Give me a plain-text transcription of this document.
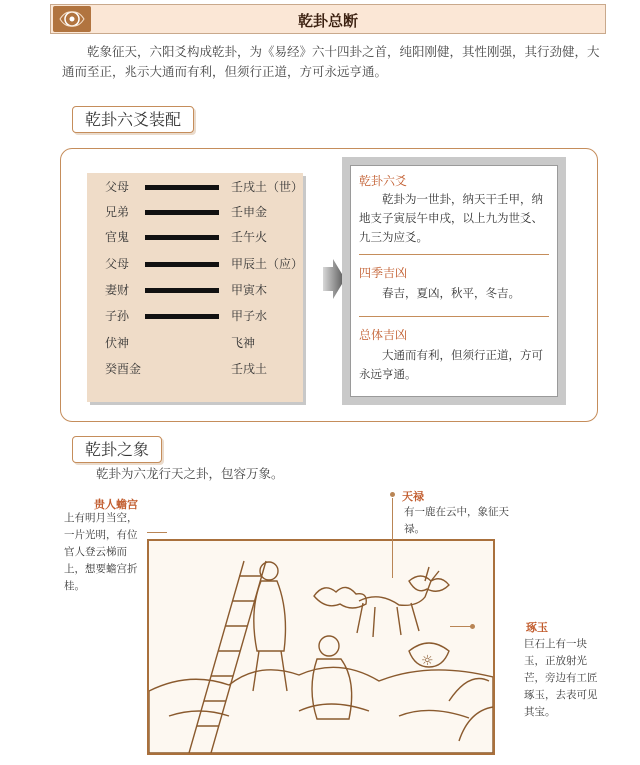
乾卦总断
乾象征天，六阳爻构成乾卦，为《易经》六十四卦之首，纯阳刚健，其性刚强，其行劲健，大通而至正，兆示大通而有利，但须行正道，方可永远亨通。
乾卦六爻装配
父母	壬戌土（世）
兄弟	壬申金
官鬼	壬午火
父母	甲辰土（应）
妻财	甲寅木
子孙	甲子水
伏神	飞神
癸酉金	壬戌土
乾卦六爻
乾卦为一世卦，纳天干壬甲，纳地支子寅辰午申戌，以上九为世爻、九三为应爻。
四季吉凶
春吉，夏凶，秋平，冬吉。
总体吉凶
大通而有利，但须行正道，方可永远亨通。
乾卦之象
乾卦为六龙行天之卦，包容万象。
☼
贵人蟾宫
上有明月当空，一片光明，有位官人登云梯而上，想要蟾宫折桂。
天禄
有一鹿在云中，象征天禄。
琢玉
巨石上有一块玉，正放射光芒，旁边有工匠琢玉，去表可见其宝。
